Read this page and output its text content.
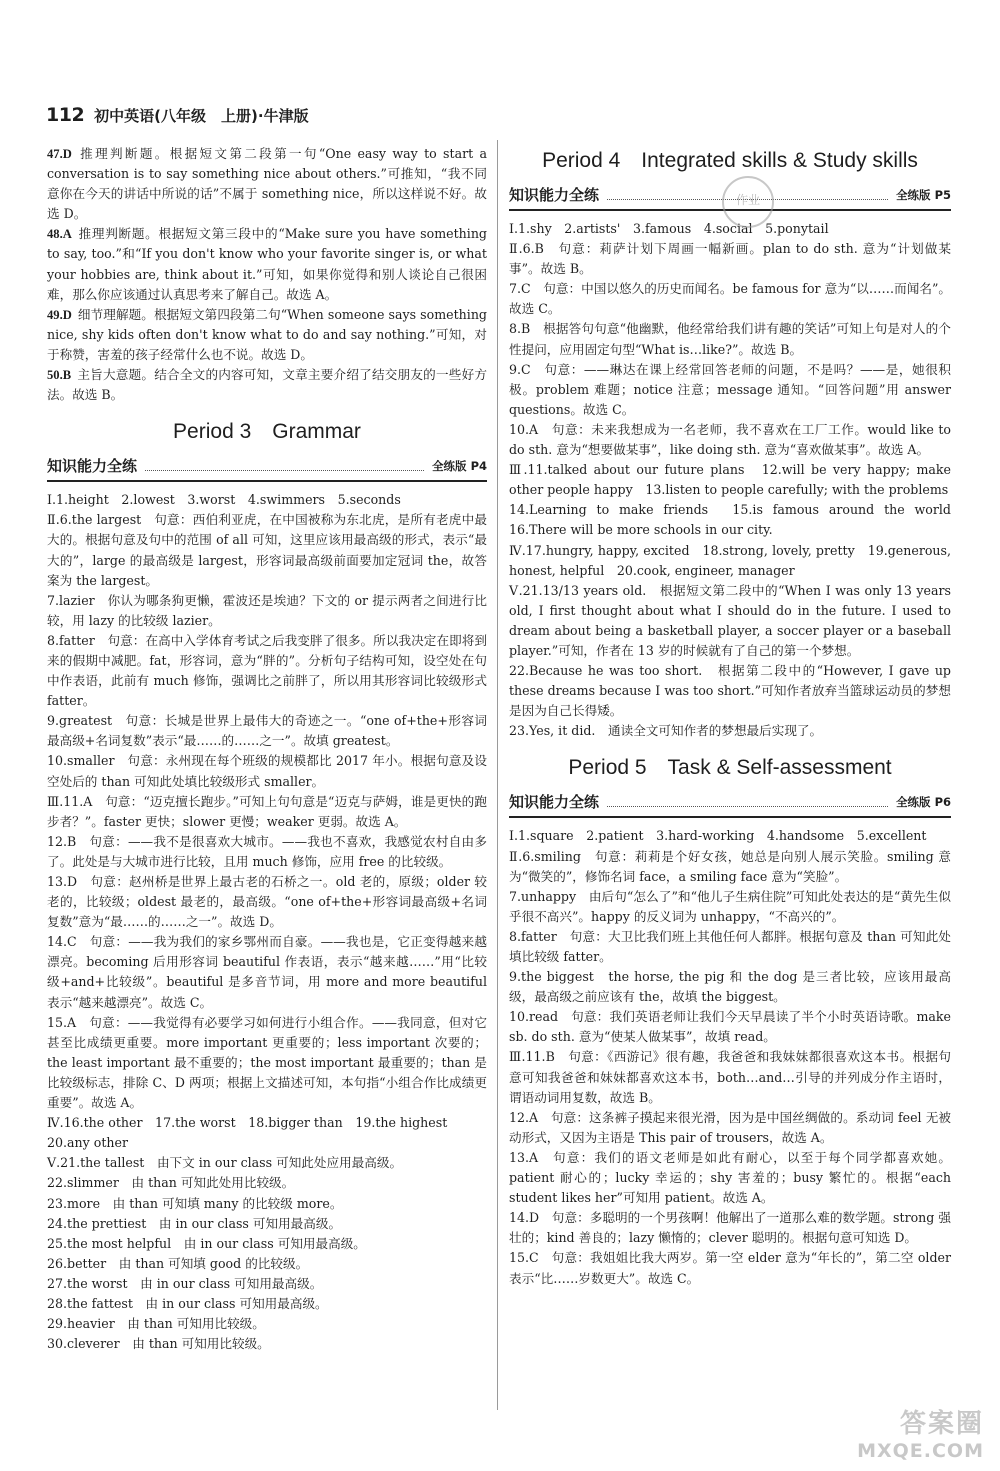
112 初中英语(八年级　上册)·牛津版
47.D 推理判断题。根据短文第二段第一句“One easy way to start a conversation is to say something nice about others.”可推知，“我不同意你在今天的讲话中所说的话”不属于 something nice，所以这样说不好。故选 D。
48.A 推理判断题。根据短文第三段中的“Make sure you have something to say, too.”和“If you don't know who your favorite singer is, or what your hobbies are, think about it.”可知，如果你觉得和别人谈论自己很困难，那么你应该通过认真思考来了解自己。故选 A。
49.D 细节理解题。根据短文第四段第二句“When someone says something nice, shy kids often don't know what to do and say nothing.”可知，对于称赞，害羞的孩子经常什么也不说。故选 D。
50.B 主旨大意题。结合全文的内容可知，文章主要介绍了结交朋友的一些好方法。故选 B。
Period 3　Grammar
知识能力全练	全练版 P4
Ⅰ.1.height　2.lowest　3.worst　4.swimmers　5.seconds
Ⅱ.6.the largest　句意：西伯利亚虎，在中国被称为东北虎，是所有老虎中最大的。根据句意及句中的范围 of all 可知，这里应该用最高级的形式，表示“最大的”，large 的最高级是 largest，形容词最高级前面要加定冠词 the，故答案为 the largest。
7.lazier　你认为哪条狗更懒，霍波还是埃迪？下文的 or 提示两者之间进行比较，用 lazy 的比较级 lazier。
8.fatter　句意：在高中入学体育考试之后我变胖了很多。所以我决定在即将到来的假期中减肥。fat，形容词，意为“胖的”。分析句子结构可知，设空处在句中作表语，此前有 much 修饰，强调比之前胖了，所以用其形容词比较级形式 fatter。
9.greatest　句意：长城是世界上最伟大的奇迹之一。“one of+the+形容词最高级+名词复数”表示“最……的……之一”。故填 greatest。
10.smaller　句意：永州现在每个班级的规模都比 2017 年小。根据句意及设空处后的 than 可知此处填比较级形式 smaller。
Ⅲ.11.A　句意：“迈克擅长跑步。”可知上句句意是“迈克与萨姆，谁是更快的跑步者？”。faster 更快；slower 更慢；weaker 更弱。故选 A。
12.B　句意：——我不是很喜欢大城市。——我也不喜欢，我感觉农村自由多了。此处是与大城市进行比较，且用 much 修饰，应用 free 的比较级。
13.D　句意：赵州桥是世界上最古老的石桥之一。old 老的，原级；older 较老的，比较级；oldest 最老的，最高级。“one of+the+形容词最高级+名词复数”意为“最……的……之一”。故选 D。
14.C　句意：——我为我们的家乡鄂州而自豪。——我也是，它正变得越来越漂亮。becoming 后用形容词 beautiful 作表语，表示“越来越……”用“比较级+and+比较级”。beautiful 是多音节词，用 more and more beautiful 表示“越来越漂亮”。故选 C。
15.A　句意：——我觉得有必要学习如何进行小组合作。——我同意，但对它甚至比成绩更重要。more important 更重要的；less important 次要的；the least important 最不重要的；the most important 最重要的；than 是比较级标志，排除 C、D 两项；根据上文描述可知，本句指“小组合作比成绩更重要”。故选 A。
Ⅳ.16.the other　17.the worst　18.bigger than　19.the highest
20.any other
Ⅴ.21.the tallest　由下文 in our class 可知此处应用最高级。
22.slimmer　由 than 可知此处用比较级。
23.more　由 than 可知填 many 的比较级 more。
24.the prettiest　由 in our class 可知用最高级。
25.the most helpful　由 in our class 可知用最高级。
26.better　由 than 可知填 good 的比较级。
27.the worst　由 in our class 可知用最高级。
28.the fattest　由 in our class 可知用最高级。
29.heavier　由 than 可知用比较级。
30.cleverer　由 than 可知用比较级。
Period 4　Integrated skills & Study skills
知识能力全练	全练版 P5
Ⅰ.1.shy　2.artists'　3.famous　4.social　5.ponytail
Ⅱ.6.B　句意：莉萨计划下周画一幅新画。plan to do sth. 意为“计划做某事”。故选 B。
7.C　句意：中国以悠久的历史而闻名。be famous for 意为“以……而闻名”。故选 C。
8.B　根据答句句意“他幽默，他经常给我们讲有趣的笑话”可知上句是对人的个性提问，应用固定句型“What is…like?”。故选 B。
9.C　句意：——琳达在课上经常回答老师的问题，不是吗？——是，她很积极。problem 难题；notice 注意；message 通知。“回答问题”用 answer questions。故选 C。
10.A　句意：未来我想成为一名老师，我不喜欢在工厂工作。would like to do sth. 意为“想要做某事”，like doing sth. 意为“喜欢做某事”。故选 A。
Ⅲ.11.talked about our future plans　12.will be very happy; make other people happy　13.listen to people carefully; with the problems
14.Learning to make friends　15.is famous around the world　16.There will be more schools in our city.
Ⅳ.17.hungry, happy, excited　18.strong, lovely, pretty　19.generous, honest, helpful　20.cook, engineer, manager
Ⅴ.21.13/13 years old.　根据短文第二段中的“When I was only 13 years old, I first thought about what I should do in the future. I used to dream about being a basketball player, a soccer player or a baseball player.”可知，作者在 13 岁的时候就有了自己的第一个梦想。
22.Because he was too short.　根据第二段中的“However, I gave up these dreams because I was too short.”可知作者放弃当篮球运动员的梦想是因为自己长得矮。
23.Yes, it did.　通读全文可知作者的梦想最后实现了。
Period 5　Task & Self-assessment
知识能力全练	全练版 P6
Ⅰ.1.square　2.patient　3.hard-working　4.handsome　5.excellent
Ⅱ.6.smiling　句意：莉莉是个好女孩，她总是向别人展示笑脸。smiling 意为“微笑的”，修饰名词 face，a smiling face 意为“笑脸”。
7.unhappy　由后句“怎么了”和“他儿子生病住院”可知此处表达的是“黄先生似乎很不高兴”。happy 的反义词为 unhappy，“不高兴的”。
8.fatter　句意：大卫比我们班上其他任何人都胖。根据句意及 than 可知此处填比较级 fatter。
9.the biggest　the horse, the pig 和 the dog 是三者比较，应该用最高级，最高级之前应该有 the，故填 the biggest。
10.read　句意：我们英语老师让我们今天早晨读了半个小时英语诗歌。make sb. do sth. 意为“使某人做某事”，故填 read。
Ⅲ.11.B　句意：《西游记》很有趣，我爸爸和我妹妹都很喜欢这本书。根据句意可知我爸爸和妹妹都喜欢这本书，both…and…引导的并列成分作主语时，谓语动词用复数，故选 B。
12.A　句意：这条裤子摸起来很光滑，因为是中国丝绸做的。系动词 feel 无被动形式，又因为主语是 This pair of trousers，故选 A。
13.A　句意：我们的语文老师是如此有耐心，以至于每个同学都喜欢她。patient 耐心的；lucky 幸运的；shy 害羞的；busy 繁忙的。根据“each student likes her”可知用 patient。故选 A。
14.D　句意：多聪明的一个男孩啊！他解出了一道那么难的数学题。strong 强壮的；kind 善良的；lazy 懒惰的；clever 聪明的。根据句意可知选 D。
15.C　句意：我姐姐比我大两岁。第一空 elder 意为“年长的”，第二空 older 表示“比……岁数更大”。故选 C。
作业
答案圈
MXQE.COM
